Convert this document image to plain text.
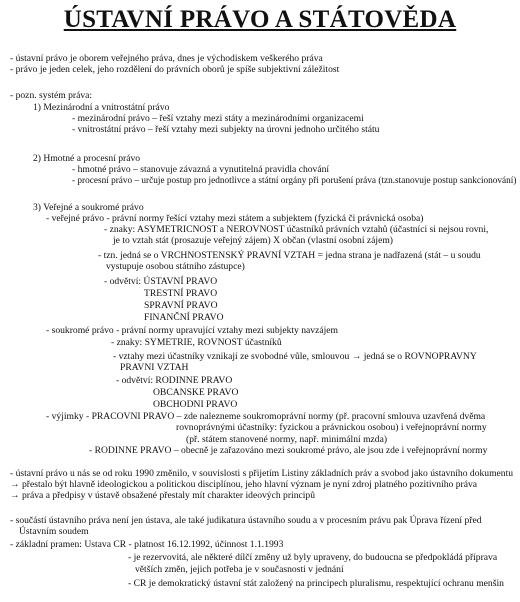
ÚSTAVNÍ PRÁVO A STÁTOVĚDA
- ústavní právo je oborem veřejného práva, dnes je východiskem veškerého práva
- právo je jeden celek, jeho rozdělení do právních oborů je spíše subjektivní záležitost
- pozn. systém práva:
1) Mezinárodní a vnitrostátní právo
- mezinárodní právo – řeší vztahy mezi státy a mezinárodními organizacemi
- vnitrostátní právo – řeší vztahy mezi subjekty na úrovni jednoho určitého státu
2) Hmotné a procesní právo
- hmotné právo – stanovuje závazná a vynutitelná pravidla chování
- procesní právo – určuje postup pro jednotlivce a státní orgány při porušení práva (tzn.stanovuje postup sankcionování)
3) Veřejné a soukromé právo
- veřejné právo - právní normy řešící vztahy mezi státem a subjektem (fyzická či právnická osoba)
- znaky: ASYMETRICNOST a NEROVNOST účastníků právních vztahů (účastníci si nejsou rovni,
je to vztah stát (prosazuje veřejný zájem) X občan (vlastní osobní zájem)
- tzn. jedná se o VRCHNOSTENSKÝ PRAVNÍ VZTAH = jedna strana je nadřazená (stát – u soudu
vystupuje osobou státního zástupce)
- odvětví: ÚSTAVNÍ PRAVO
TRESTNÍ PRAVO
SPRAVNÍ PRAVO
FINANČNÍ PRAVO
- soukromé právo - právní normy upravující vztahy mezi subjekty navzájem
- znaky: SYMETRIE, ROVNOST účastníků
- vztahy mezi účastníky vznikají ze svobodné vůle, smlouvou → jedná se o ROVNOPRAVNY
PRAVNI VZTAH
- odvětví: RODINNE PRAVO
OBCANSKE PRAVO
OBCHODNI PRAVO
- výjimky - PRACOVNI PRAVO – zde nalezneme soukromoprávní normy (př. pracovní smlouva uzavřená dvěma
rovnoprávnými účastníky: fyzickou a právnickou osobou) i veřejnoprávní normy
(př. státem stanovené normy, např. minimální mzda)
- RODINNE PRAVO – obecně je zařazováno mezi soukromé právo, ale jsou zde i veřejnoprávní normy
- ústavní právo u nás se od roku 1990 změnilo, v souvislosti s přijetím Listiny základních práv a svobod jako ústavního dokumentu
→ přestalo být hlavně ideologickou a politickou disciplínou, jeho hlavní význam je nyní zdroj platného pozitivního práva
→ práva a předpisy v ústavě obsažené přestaly mít charakter ideových principů
- součástí ústavního práva není jen ústava, ale také judikatura ústavního soudu a v procesním právu pak Úprava řízení před
Ústavním soudem
- základní pramen: Ustava CR - platnost 16.12.1992, účinnost 1.1.1993
- je rezervovitá, ale některé dílčí změny už byly upraveny, do budoucna se předpokládá příprava
větších změn, jejich potřeba je v současnosti v jednání
- CR je demokratický ústavní stát založený na principech pluralismu, respektující ochranu menšin
